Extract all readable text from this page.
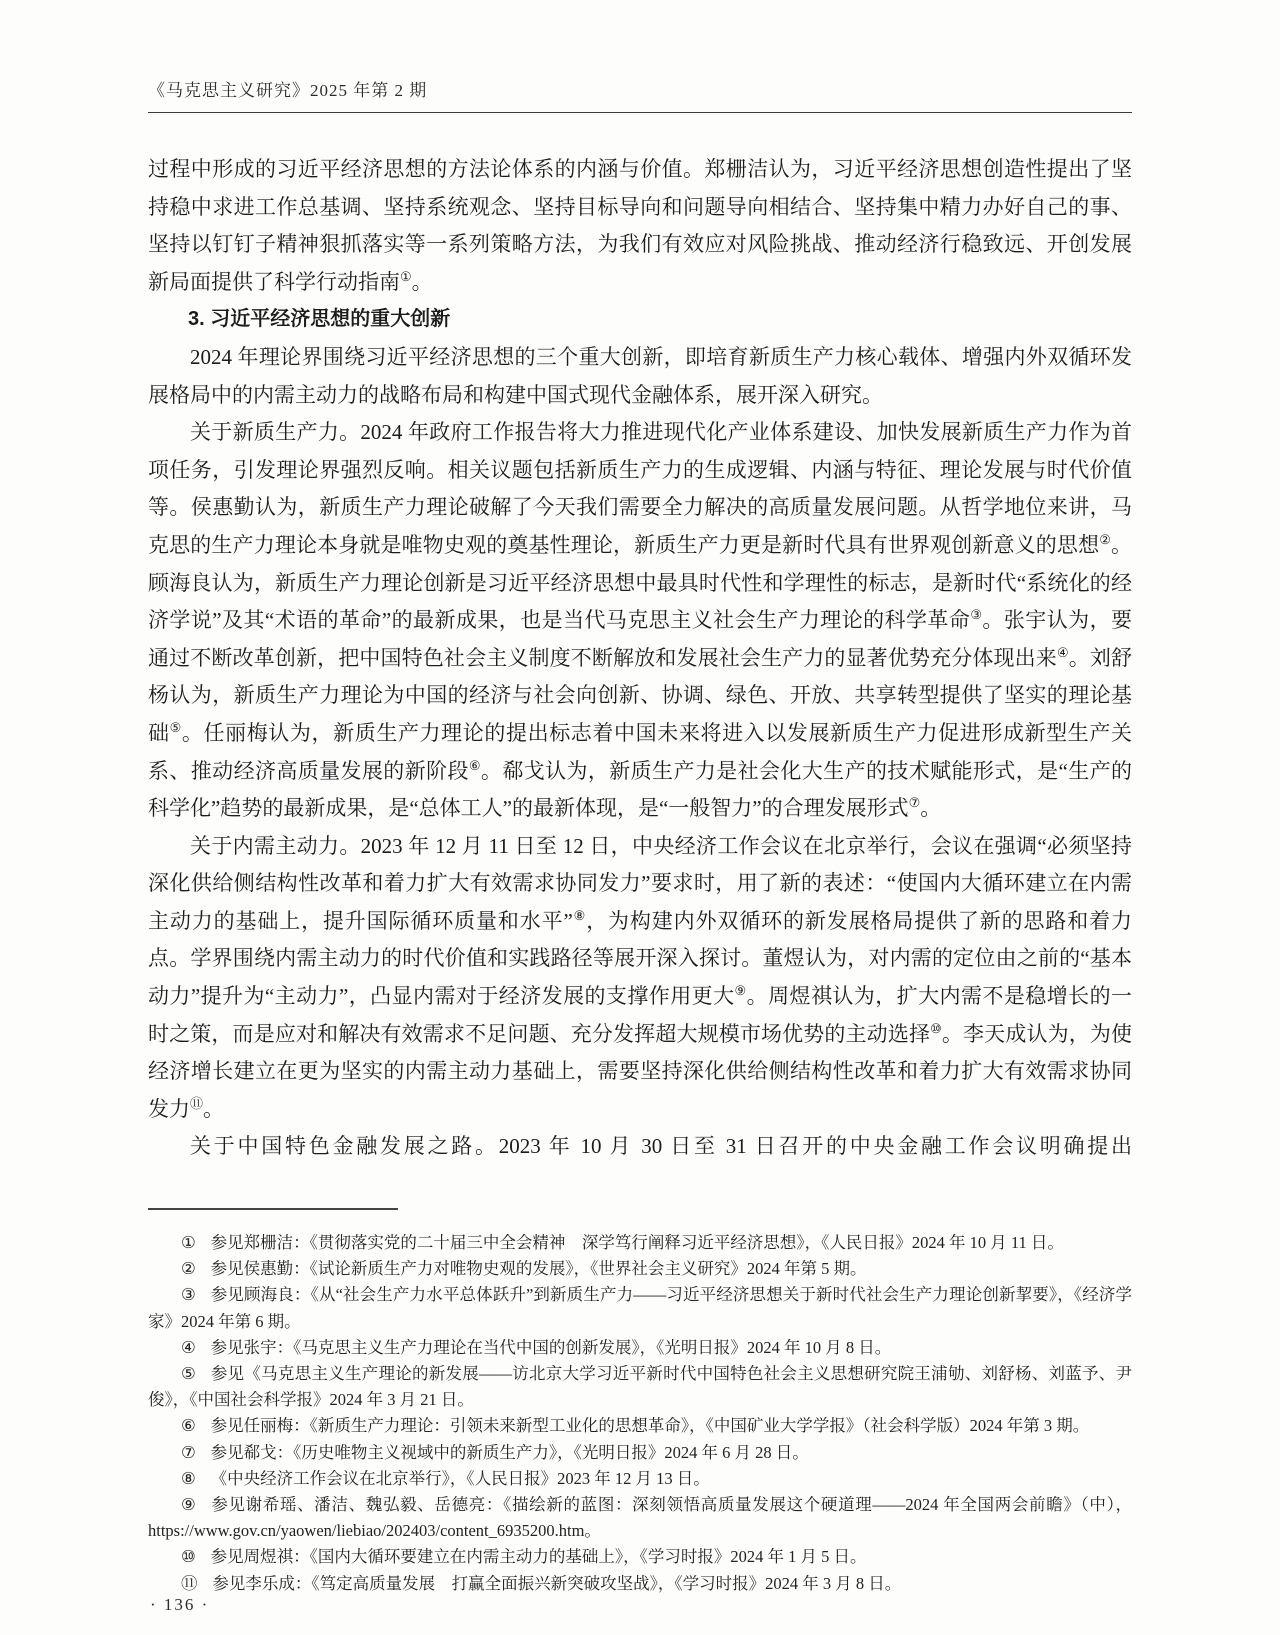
《马克思主义研究》2025 年第 2 期

过程中形成的习近平经济思想的方法论体系的内涵与价值。郑栅洁认为，习近平经济思想创造性提出了坚持稳中求进工作总基调、坚持系统观念、坚持目标导向和问题导向相结合、坚持集中精力办好自己的事、坚持以钉钉子精神狠抓落实等一系列策略方法，为我们有效应对风险挑战、推动经济行稳致远、开创发展新局面提供了科学行动指南①。

3. 习近平经济思想的重大创新

2024 年理论界围绕习近平经济思想的三个重大创新，即培育新质生产力核心载体、增强内外双循环发展格局中的内需主动力的战略布局和构建中国式现代金融体系，展开深入研究。

关于新质生产力。2024 年政府工作报告将大力推进现代化产业体系建设、加快发展新质生产力作为首项任务，引发理论界强烈反响。相关议题包括新质生产力的生成逻辑、内涵与特征、理论发展与时代价值等。侯惠勤认为，新质生产力理论破解了今天我们需要全力解决的高质量发展问题。从哲学地位来讲，马克思的生产力理论本身就是唯物史观的奠基性理论，新质生产力更是新时代具有世界观创新意义的思想②。顾海良认为，新质生产力理论创新是习近平经济思想中最具时代性和学理性的标志，是新时代“系统化的经济学说”及其“术语的革命”的最新成果，也是当代马克思主义社会生产力理论的科学革命③。张宇认为，要通过不断改革创新，把中国特色社会主义制度不断解放和发展社会生产力的显著优势充分体现出来④。刘舒杨认为，新质生产力理论为中国的经济与社会向创新、协调、绿色、开放、共享转型提供了坚实的理论基础⑤。任丽梅认为，新质生产力理论的提出标志着中国未来将进入以发展新质生产力促进形成新型生产关系、推动经济高质量发展的新阶段⑥。郗戈认为，新质生产力是社会化大生产的技术赋能形式，是“生产的科学化”趋势的最新成果，是“总体工人”的最新体现，是“一般智力”的合理发展形式⑦。

关于内需主动力。2023 年 12 月 11 日至 12 日，中央经济工作会议在北京举行，会议在强调“必须坚持深化供给侧结构性改革和着力扩大有效需求协同发力”要求时，用了新的表述：“使国内大循环建立在内需主动力的基础上，提升国际循环质量和水平”⑧，为构建内外双循环的新发展格局提供了新的思路和着力点。学界围绕内需主动力的时代价值和实践路径等展开深入探讨。董煜认为，对内需的定位由之前的“基本动力”提升为“主动力”，凸显内需对于经济发展的支撑作用更大⑨。周煜祺认为，扩大内需不是稳增长的一时之策，而是应对和解决有效需求不足问题、充分发挥超大规模市场优势的主动选择⑩。李天成认为，为使经济增长建立在更为坚实的内需主动力基础上，需要坚持深化供给侧结构性改革和着力扩大有效需求协同发力⑪。

关于中国特色金融发展之路。2023 年 10 月 30 日至 31 日召开的中央金融工作会议明确提出

① 参见郑栅洁：《贯彻落实党的二十届三中全会精神　深学笃行阐释习近平经济思想》，《人民日报》2024 年 10 月 11 日。

② 参见侯惠勤：《试论新质生产力对唯物史观的发展》，《世界社会主义研究》2024 年第 5 期。

③ 参见顾海良：《从“社会生产力水平总体跃升”到新质生产力——习近平经济思想关于新时代社会生产力理论创新挈要》，《经济学家》2024 年第 6 期。

④ 参见张宇：《马克思主义生产力理论在当代中国的创新发展》，《光明日报》2024 年 10 月 8 日。

⑤ 参见《马克思主义生产理论的新发展——访北京大学习近平新时代中国特色社会主义思想研究院王浦劬、刘舒杨、刘蓝予、尹俊》，《中国社会科学报》2024 年 3 月 21 日。

⑥ 参见任丽梅：《新质生产力理论：引领未来新型工业化的思想革命》，《中国矿业大学学报》（社会科学版）2024 年第 3 期。

⑦ 参见郗戈：《历史唯物主义视域中的新质生产力》，《光明日报》2024 年 6 月 28 日。

⑧ 《中央经济工作会议在北京举行》，《人民日报》2023 年 12 月 13 日。

⑨ 参见谢希瑶、潘洁、魏弘毅、岳德亮：《描绘新的蓝图：深刻领悟高质量发展这个硬道理——2024 年全国两会前瞻》（中），https://www.gov.cn/yaowen/liebiao/202403/content_6935200.htm。

⑩ 参见周煜祺：《国内大循环要建立在内需主动力的基础上》，《学习时报》2024 年 1 月 5 日。

⑪ 参见李乐成：《笃定高质量发展　打赢全面振兴新突破攻坚战》，《学习时报》2024 年 3 月 8 日。

· 136 ·
